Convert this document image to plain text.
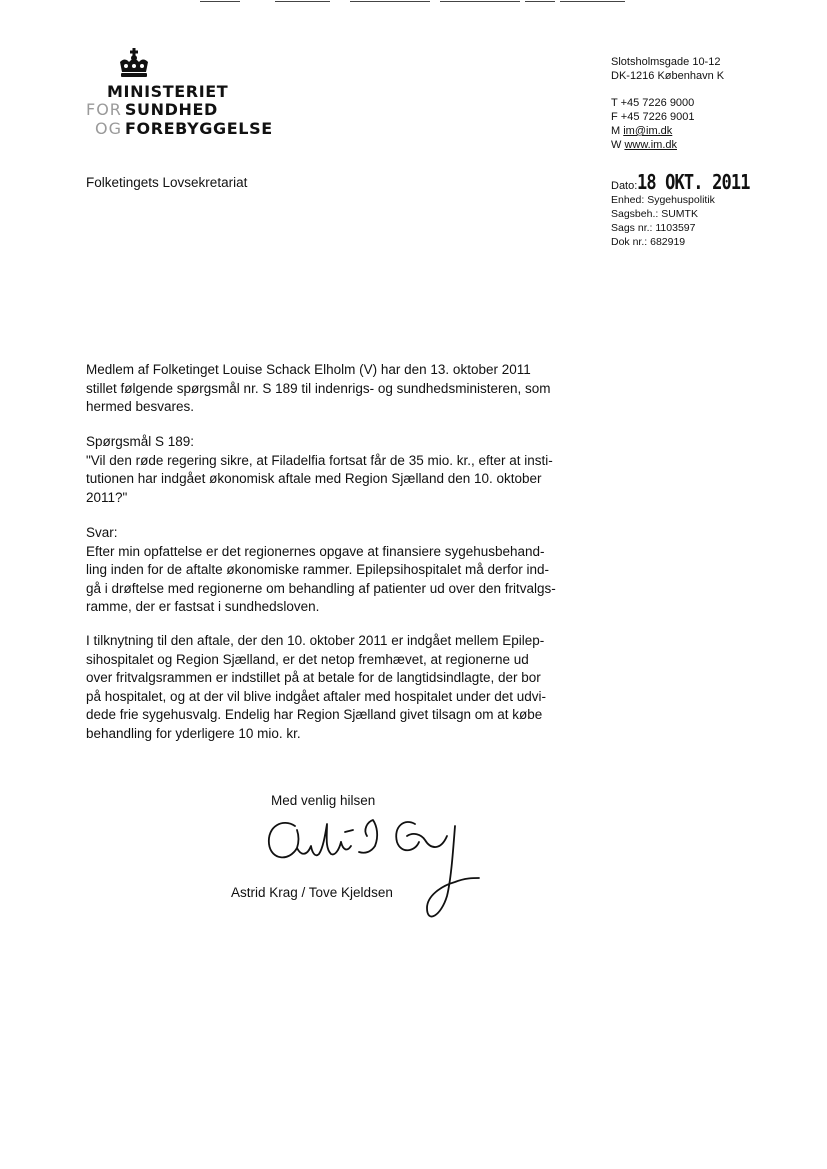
MINISTERIET
FOR SUNDHED
OG FOREBYGGELSE
Slotsholmsgade 10-12
DK-1216 København K
T +45 7226 9000
F +45 7226 9001
M im@im.dk
W www.im.dk
Dato:18 OKT. 2011
Enhed: Sygehuspolitik
Sagsbeh.: SUMTK
Sags nr.: 1103597
Dok nr.: 682919
Folketingets Lovsekretariat
Medlem af Folketinget Louise Schack Elholm (V) har den 13. oktober 2011
stillet følgende spørgsmål nr. S 189 til indenrigs- og sundhedsministeren, som
hermed besvares.
Spørgsmål S 189:
"Vil den røde regering sikre, at Filadelfia fortsat får de 35 mio. kr., efter at insti-
tutionen har indgået økonomisk aftale med Region Sjælland den 10. oktober
2011?"
Svar:
Efter min opfattelse er det regionernes opgave at finansiere sygehusbehand-
ling inden for de aftalte økonomiske rammer. Epilepsihospitalet må derfor ind-
gå i drøftelse med regionerne om behandling af patienter ud over den fritvalgs-
ramme, der er fastsat i sundhedsloven.
I tilknytning til den aftale, der den 10. oktober 2011 er indgået mellem Epilep-
sihospitalet og Region Sjælland, er det netop fremhævet, at regionerne ud
over fritvalgsrammen er indstillet på at betale for de langtidsindlagte, der bor
på hospitalet, og at der vil blive indgået aftaler med hospitalet under det udvi-
dede frie sygehusvalg. Endelig har Region Sjælland givet tilsagn om at købe
behandling for yderligere 10 mio. kr.
Med venlig hilsen
Astrid Krag / Tove Kjeldsen
